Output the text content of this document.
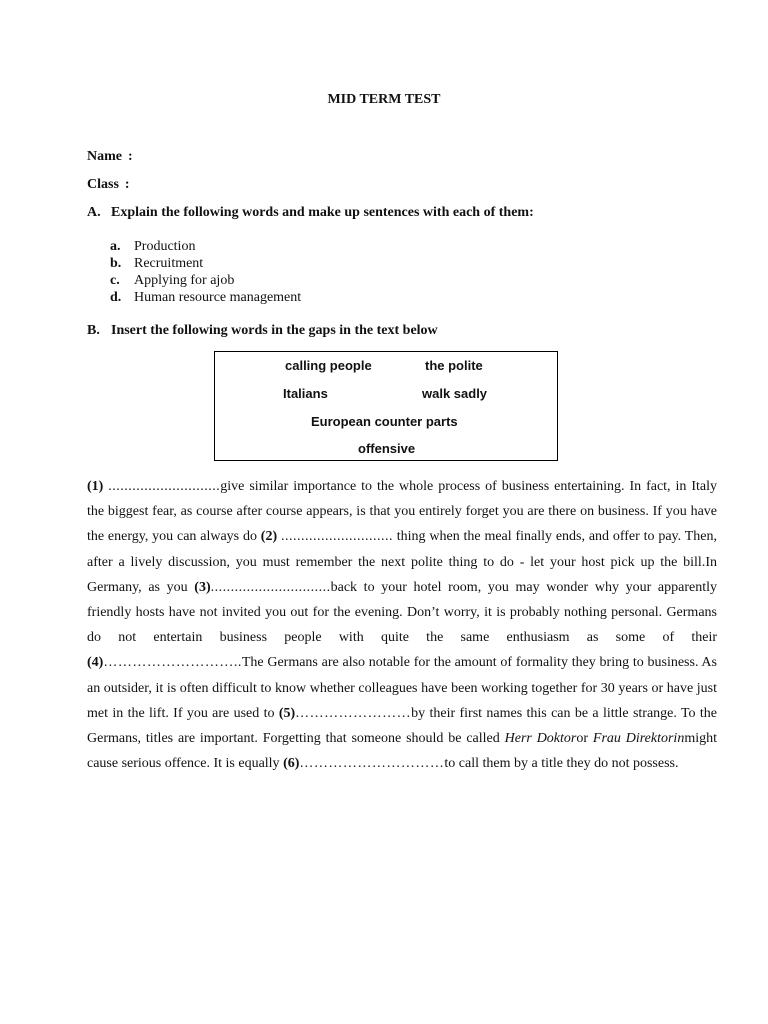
MID TERM TEST
Name :
Class :
A. Explain the following words and make up sentences with each of them:
a. Production
b. Recruitment
c. Applying for ajob
d. Human resource management
B. Insert the following words in the gaps in the text below
calling people	the polite
Italians	walk sadly
European counter parts
offensive
(1) ............................give similar importance to the whole process of business entertaining. In fact, in Italy the biggest fear, as course after course appears, is that you entirely forget you are there on business. If you have the energy, you can always do (2) ............................ thing when the meal finally ends, and offer to pay. Then, after a lively discussion, you must remember the next polite thing to do - let your host pick up the bill.In Germany, as you (3)..............................back to your hotel room, you may wonder why your apparently friendly hosts have not invited you out for the evening. Don’t worry, it is probably nothing personal. Germans do not entertain business people with quite the same enthusiasm as some of their (4)………………………..The Germans are also notable for the amount of formality they bring to business. As an outsider, it is often difficult to know whether colleagues have been working together for 30 years or have just met in the lift. If you are used to (5)……………………by their first names this can be a little strange. To the Germans, titles are important. Forgetting that someone should be called Herr Doktoror Frau Direktorinmight cause serious offence. It is equally (6)…………………………to call them by a title they do not possess.
